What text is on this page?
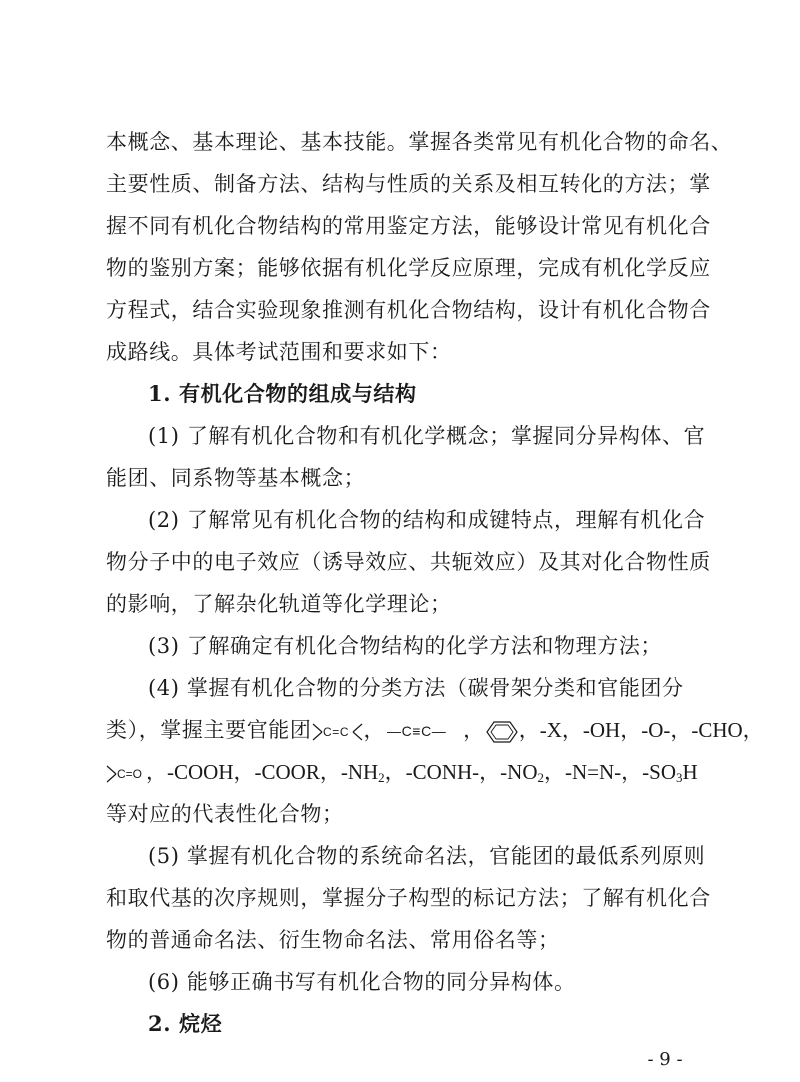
本概念、基本理论、基本技能。掌握各类常见有机化合物的命名、
主要性质、制备方法、结构与性质的关系及相互转化的方法；掌
握不同有机化合物结构的常用鉴定方法，能够设计常见有机化合
物的鉴别方案；能够依据有机化学反应原理，完成有机化学反应
方程式，结合实验现象推测有机化合物结构，设计有机化合物合
成路线。具体考试范围和要求如下：
1. 有机化合物的组成与结构
(1) 了解有机化合物和有机化学概念；掌握同分异构体、官
能团、同系物等基本概念；
(2) 了解常见有机化合物的结构和成键特点，理解有机化合
物分子中的电子效应（诱导效应、共轭效应）及其对化合物性质
的影响，了解杂化轨道等化学理论；
(3) 了解确定有机化合物结构的化学方法和物理方法；
(4) 掌握有机化合物的分类方法（碳骨架分类和官能团分
类），掌握主要官能团 C=C ， —C≡C— ， ，-X，-OH，-O-，-CHO，
C=O ，-COOH，-COOR，$-NH_2$，-CONH-，$-NO_2$，-N=N-，$-SO_3H$
等对应的代表性化合物；
(5) 掌握有机化合物的系统命名法，官能团的最低系列原则
和取代基的次序规则，掌握分子构型的标记方法；了解有机化合
物的普通命名法、衍生物命名法、常用俗名等；
(6) 能够正确书写有机化合物的同分异构体。
2. 烷烃
- 9 -
